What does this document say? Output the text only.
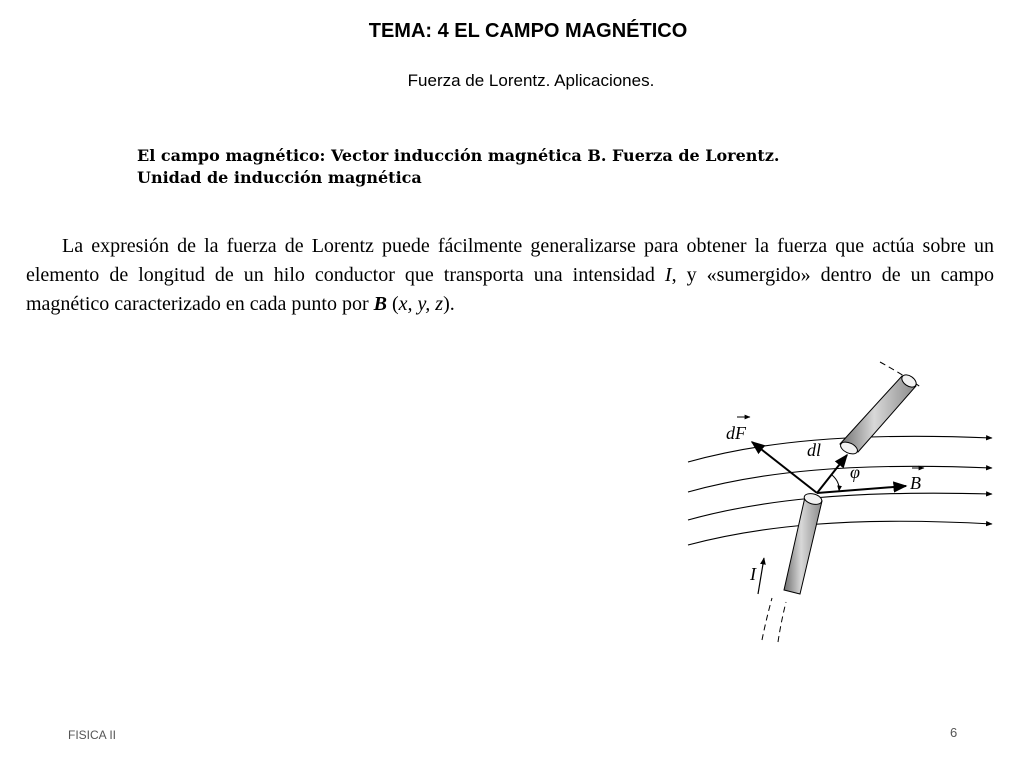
TEMA: 4 EL CAMPO MAGNÉTICO
Fuerza de Lorentz. Aplicaciones.
El campo magnético: Vector inducción magnética B. Fuerza de Lorentz.
Unidad de inducción magnética
La expresión de la fuerza de Lorentz puede fácilmente generalizarse para obtener la fuerza que actúa sobre un elemento de longitud de un hilo conductor que transporta una intensidad I, y «sumergido» dentro de un campo magnético caracterizado en cada punto por B (x, y, z).
dF
dl
φ
B
I
FISICA II	6
